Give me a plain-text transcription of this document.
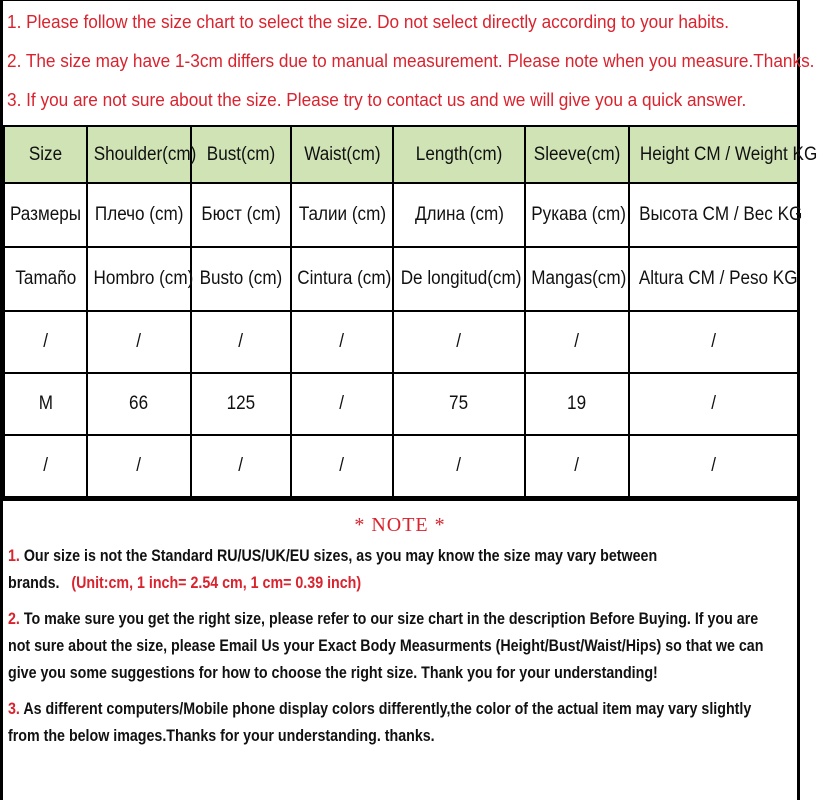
1. Please follow the size chart to select the size. Do not select directly according to your habits.

2. The size may have 1-3cm differs due to manual measurement. Please note when you measure.Thanks.

3. If you are not sure about the size. Please try to contact us and we will give you a quick answer.

Size	Shoulder(cm)	Bust(cm)	Waist(cm)	Length(cm)	Sleeve(cm)	Height CM / Weight KG
Размеры	Плечо (cm)	Бюст (cm)	Талии (cm)	Длина (cm)	Рукава (cm)	Высота CM / Вес KG
Tamaño	Hombro (cm)	Busto (cm)	Cintura (cm)	De longitud(cm)	Mangas(cm)	Altura CM / Peso KG
/	/	/	/	/	/	/
M	66	125	/	75	19	/
/	/	/	/	/	/	/
* NOTE *
1. Our size is not the Standard RU/US/UK/EU sizes, as you may know the size may vary between brands. (Unit:cm, 1 inch= 2.54 cm, 1 cm= 0.39 inch)
2. To make sure you get the right size, please refer to our size chart in the description Before Buying. If you are not sure about the size, please Email Us your Exact Body Measurments (Height/Bust/Waist/Hips) so that we can give you some suggestions for how to choose the right size. Thank you for your understanding!
3. As different computers/Mobile phone display colors differently,the color of the actual item may vary slightly from the below images.Thanks for your understanding. thanks.
